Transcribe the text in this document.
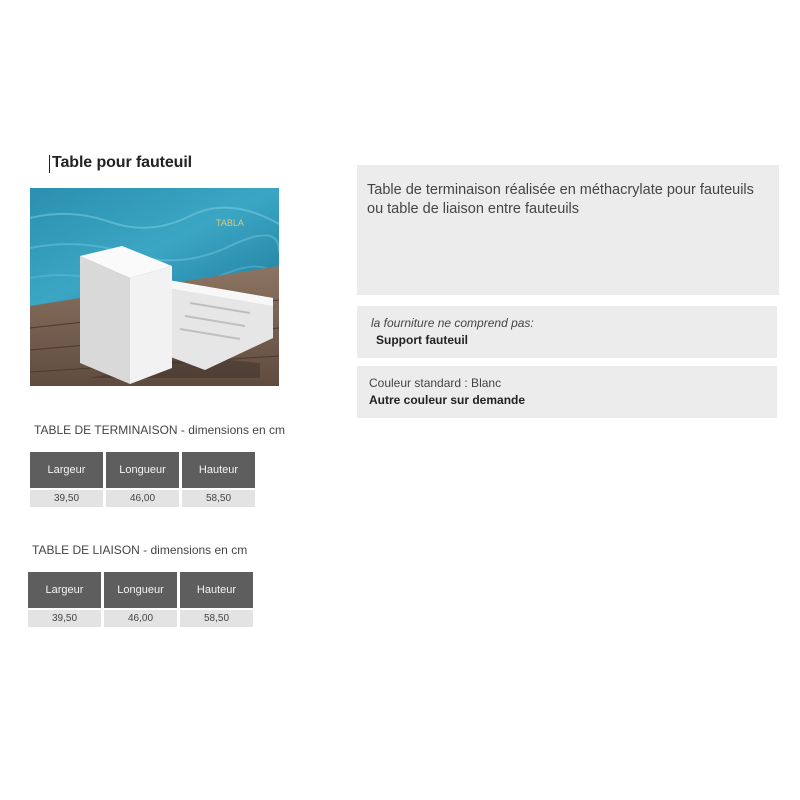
Table pour fauteuil
TABLA
Table de terminaison réalisée en méthacrylate pour fauteuils ou table de liaison entre fauteuils
la fourniture ne comprend pas:
Support fauteuil
Couleur standard : Blanc
Autre couleur sur demande
TABLE DE TERMINAISON - dimensions en cm
Largeur	Longueur	Hauteur
39,50	46,00	58,50
TABLE DE LIAISON - dimensions en cm
Largeur	Longueur	Hauteur
39,50	46,00	58,50
